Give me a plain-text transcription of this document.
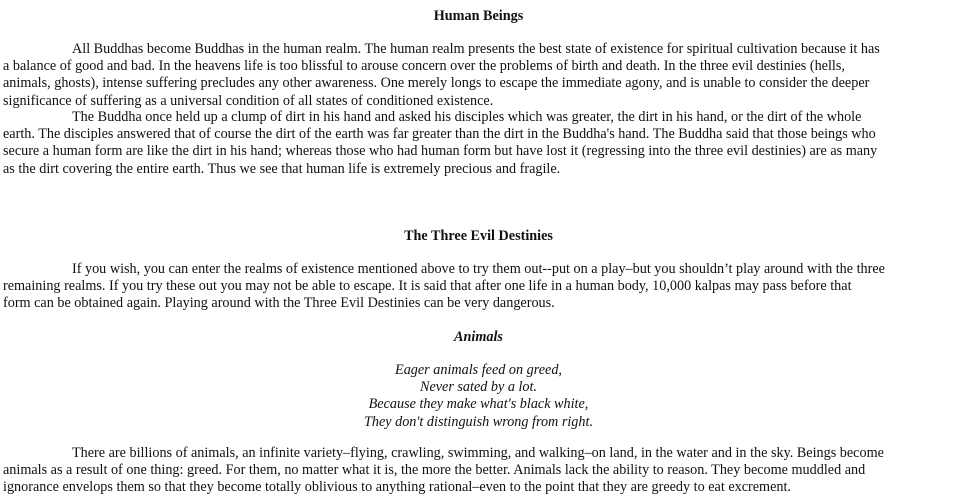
Human Beings
All Buddhas become Buddhas in the human realm. The human realm presents the best state of existence for spiritual cultivation because it has
a balance of good and bad. In the heavens life is too blissful to arouse concern over the problems of birth and death. In the three evil destinies (hells,
animals, ghosts), intense suffering precludes any other awareness. One merely longs to escape the immediate agony, and is unable to consider the deeper
significance of suffering as a universal condition of all states of conditioned existence.
The Buddha once held up a clump of dirt in his hand and asked his disciples which was greater, the dirt in his hand, or the dirt of the whole
earth. The disciples answered that of course the dirt of the earth was far greater than the dirt in the Buddha's hand. The Buddha said that those beings who
secure a human form are like the dirt in his hand; whereas those who had human form but have lost it (regressing into the three evil destinies) are as many
as the dirt covering the entire earth. Thus we see that human life is extremely precious and fragile.
The Three Evil Destinies
If you wish, you can enter the realms of existence mentioned above to try them out--put on a play–but you shouldn’t play around with the three
remaining realms. If you try these out you may not be able to escape. It is said that after one life in a human body, 10,000 kalpas may pass before that
form can be obtained again. Playing around with the Three Evil Destinies can be very dangerous.
Animals
Eager animals feed on greed,
Never sated by a lot.
Because they make what's black white,
They don't distinguish wrong from right.
There are billions of animals, an infinite variety–flying, crawling, swimming, and walking–on land, in the water and in the sky. Beings become
animals as a result of one thing: greed. For them, no matter what it is, the more the better. Animals lack the ability to reason. They become muddled and
ignorance envelops them so that they become totally oblivious to anything rational–even to the point that they are greedy to eat excrement.
